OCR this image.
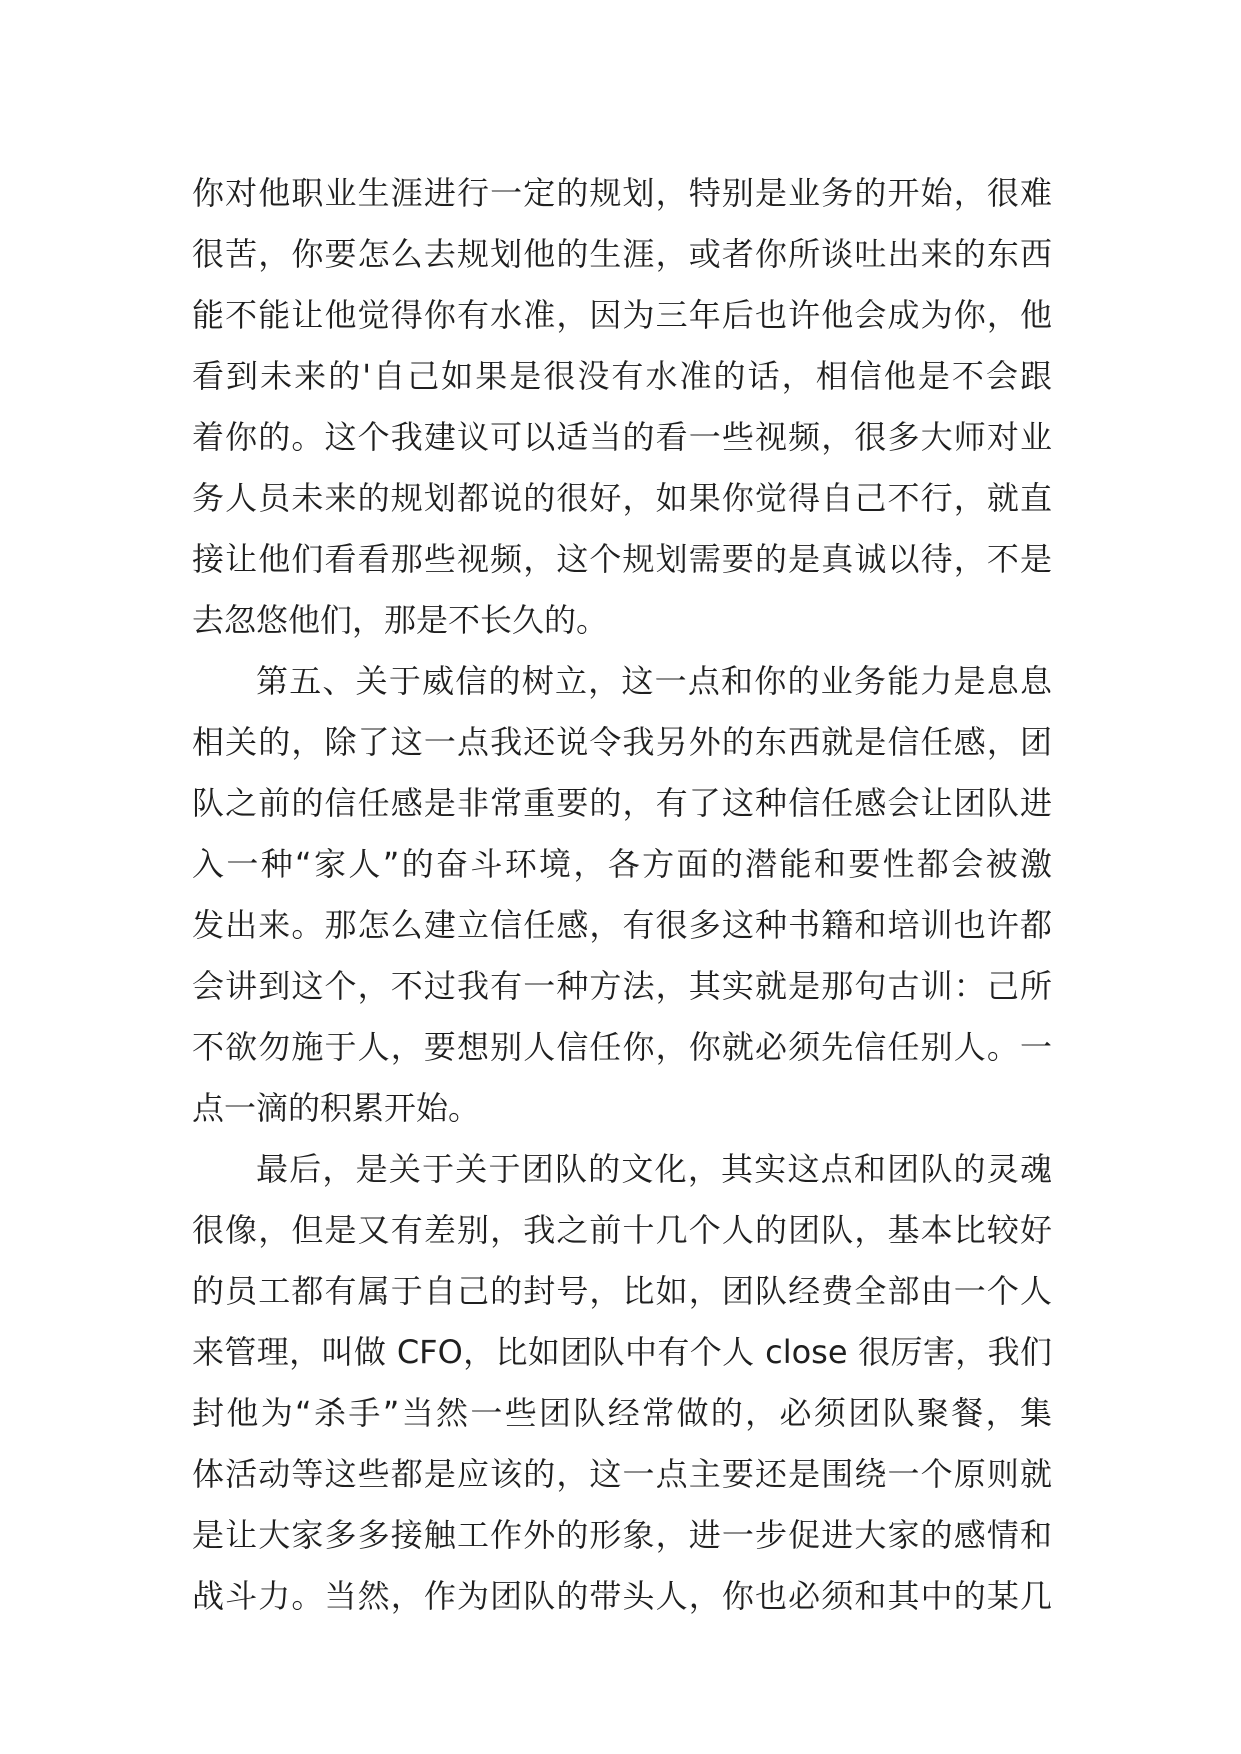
你对他职业生涯进行一定的规划，特别是业务的开始，很难
很苦，你要怎么去规划他的生涯，或者你所谈吐出来的东西
能不能让他觉得你有水准，因为三年后也许他会成为你，他
看到未来的'自己如果是很没有水准的话，相信他是不会跟
着你的。这个我建议可以适当的看一些视频，很多大师对业
务人员未来的规划都说的很好，如果你觉得自己不行，就直
接让他们看看那些视频，这个规划需要的是真诚以待，不是
去忽悠他们，那是不长久的。
第五、关于威信的树立，这一点和你的业务能力是息息
相关的，除了这一点我还说令我另外的东西就是信任感，团
队之前的信任感是非常重要的，有了这种信任感会让团队进
入一种“家人”的奋斗环境，各方面的潜能和要性都会被激
发出来。那怎么建立信任感，有很多这种书籍和培训也许都
会讲到这个，不过我有一种方法，其实就是那句古训：己所
不欲勿施于人，要想别人信任你，你就必须先信任别人。一
点一滴的积累开始。
最后，是关于关于团队的文化，其实这点和团队的灵魂
很像，但是又有差别，我之前十几个人的团队，基本比较好
的员工都有属于自己的封号，比如，团队经费全部由一个人
来管理，叫做 CFO，比如团队中有个人 close 很厉害，我们
封他为“杀手”当然一些团队经常做的，必须团队聚餐，集
体活动等这些都是应该的，这一点主要还是围绕一个原则就
是让大家多多接触工作外的形象，进一步促进大家的感情和
战斗力。当然，作为团队的带头人，你也必须和其中的某几
